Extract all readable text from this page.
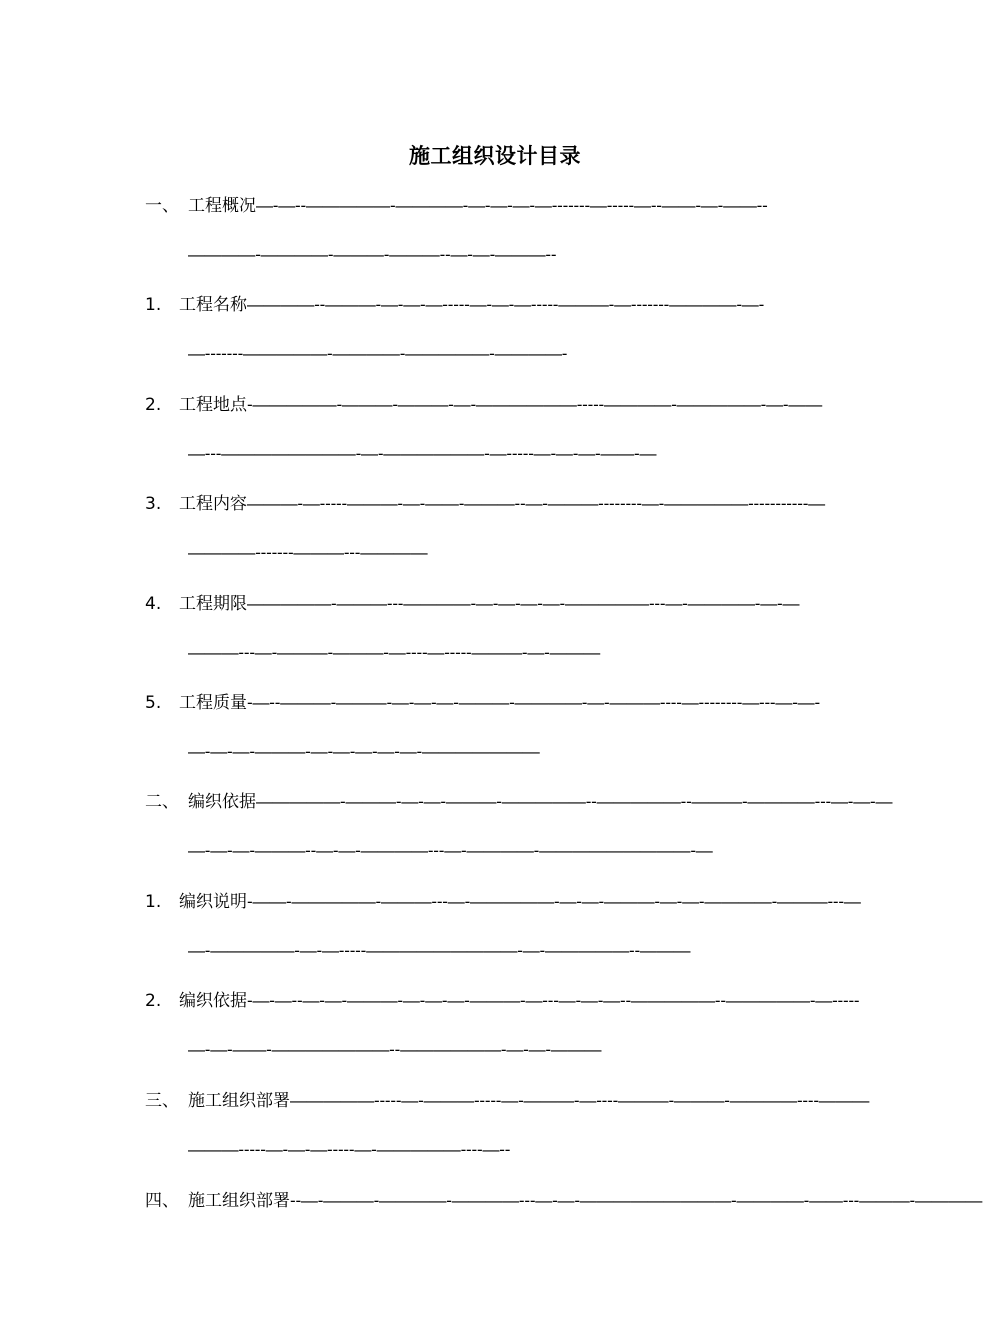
施工组织设计目录
一、 工程概况—-—--—————-————-—-—-—-—-------—-----—--——-—-——--
————-————-———-———--—-—-———--
1. 工程名称————--———-—-—-—-----—-—-—-----———-—-------————-—-
—-------—————-————-—————-————-
2. 工程地点-—————-———-———-—-——————-----————-—————-—-——
—---————————-—-——————-—-----—-—-—-——-—
3. 工程内容———-—-----———-—-——-———--—-———--------—-—————-----------—
————-------———---————
4. 工程期限—————-———---————-—-—-—-—-—————---—-————-—-—
———---—-———-———-—----—-----———-—-———
5. 工程质量-—--———-———-—-—-—-———-————-—-———----—--------—---—-—-
—-—-—-———-—-—-—-—-—-———————
二、 编织依据—————-———-—-—-———-—————--—————--———-————---—-—-—
—-—-—-———--—-—-————---—-————-—————————-—
1. 编织说明-——-—————-———---—-—————-—-—-———-—-—-————-———---—
—-—————-—-—-----—————————-—-—————--———
2. 编织依据-—-—--—-—-———-—-—-—-———-—---—-—-—--—————--—————-—-----
—-—-——-———————--——————-—-—-———
三、 施工组织部署—————-----—-———-----—-———-—----———-———-————----———
———-----—-—-—-----—-—————----—--
四、 施工组织部署--—-———-————-————---—-—-—————————-————-——---———-————
